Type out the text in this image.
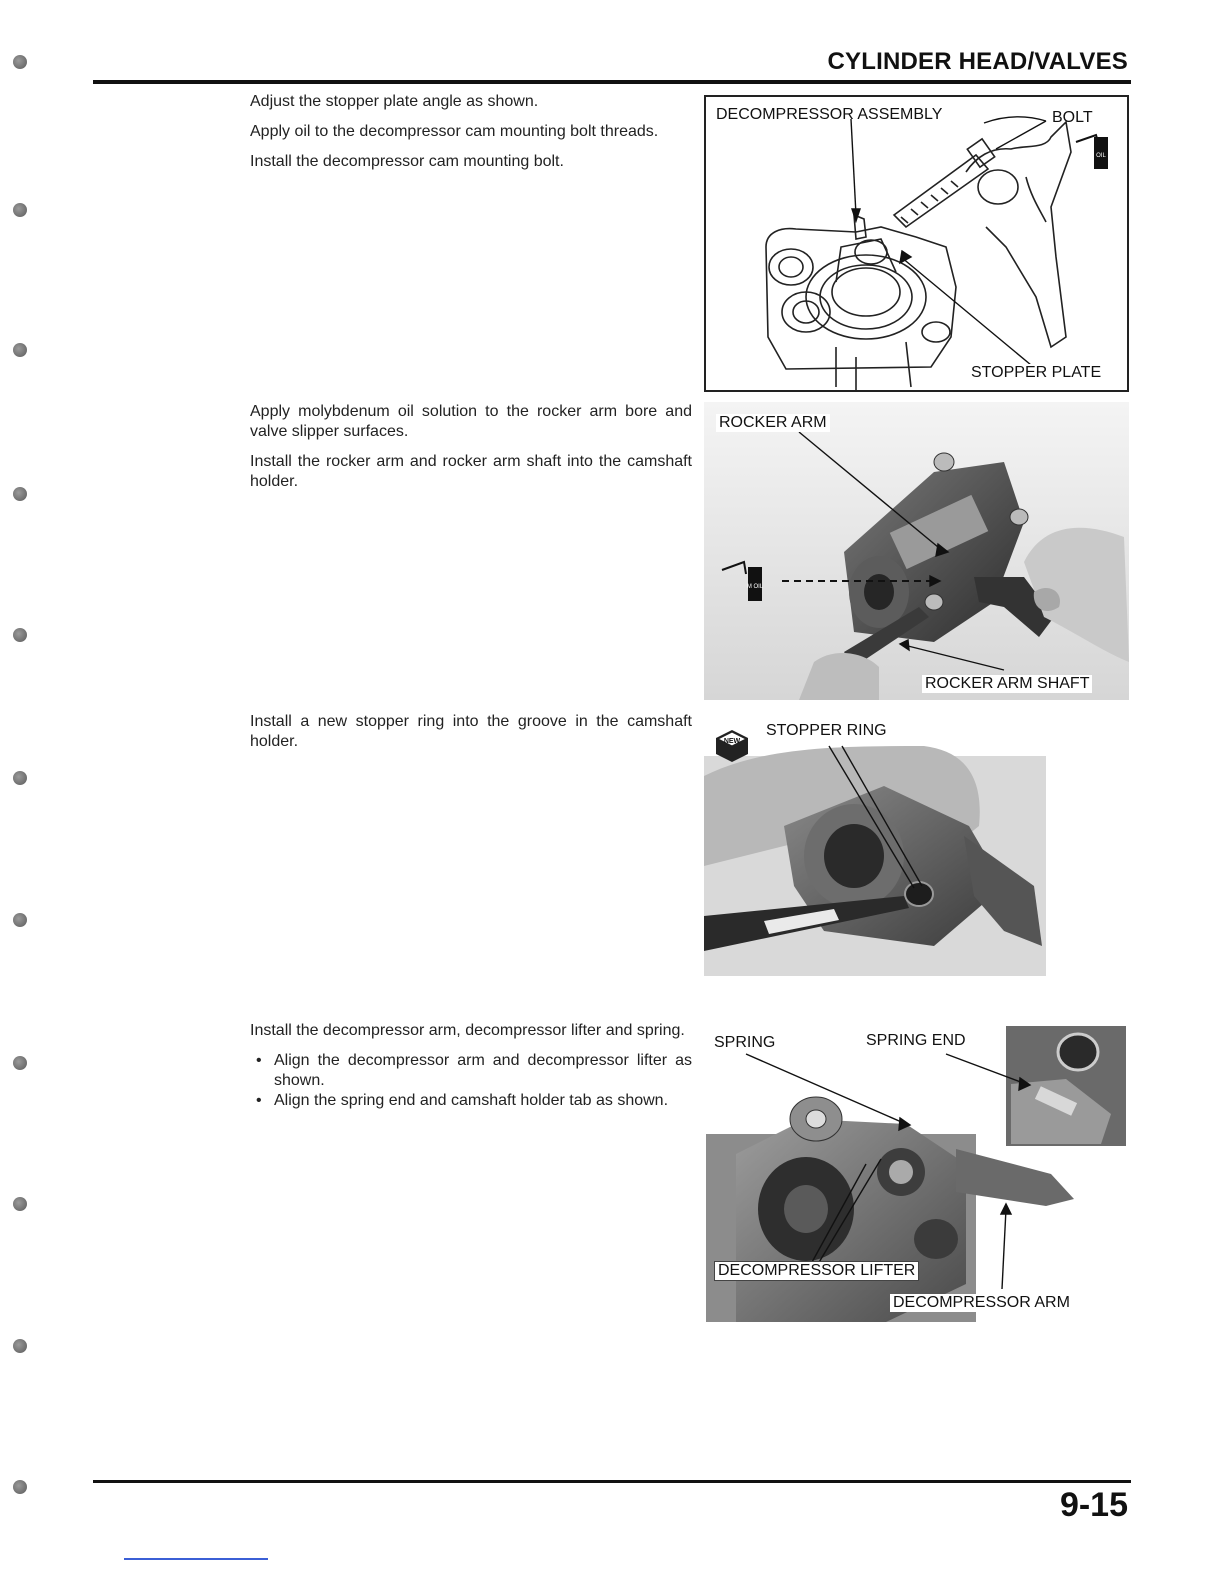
CYLINDER HEAD/VALVES

Adjust the stopper plate angle as shown.

Apply oil to the decompressor cam mounting bolt threads.

Install the decompressor cam mounting bolt.

Apply molybdenum oil solution to the rocker arm bore and valve slipper surfaces.

Install the rocker arm and rocker arm shaft into the camshaft holder.

Install a new stopper ring into the groove in the camshaft holder.

Install the decompressor arm, decompressor lifter and spring.

• Align the decompressor arm and decompressor lifter as shown.
• Align the spring end and camshaft holder tab as shown.
OIL
DECOMPRESSOR ASSEMBLY	BOLT
STOPPER PLATE
M OIL
ROCKER ARM
ROCKER ARM SHAFT
NEW
STOPPER RING
SPRING	SPRING END
DECOMPRESSOR LIFTER
DECOMPRESSOR ARM
9-15
